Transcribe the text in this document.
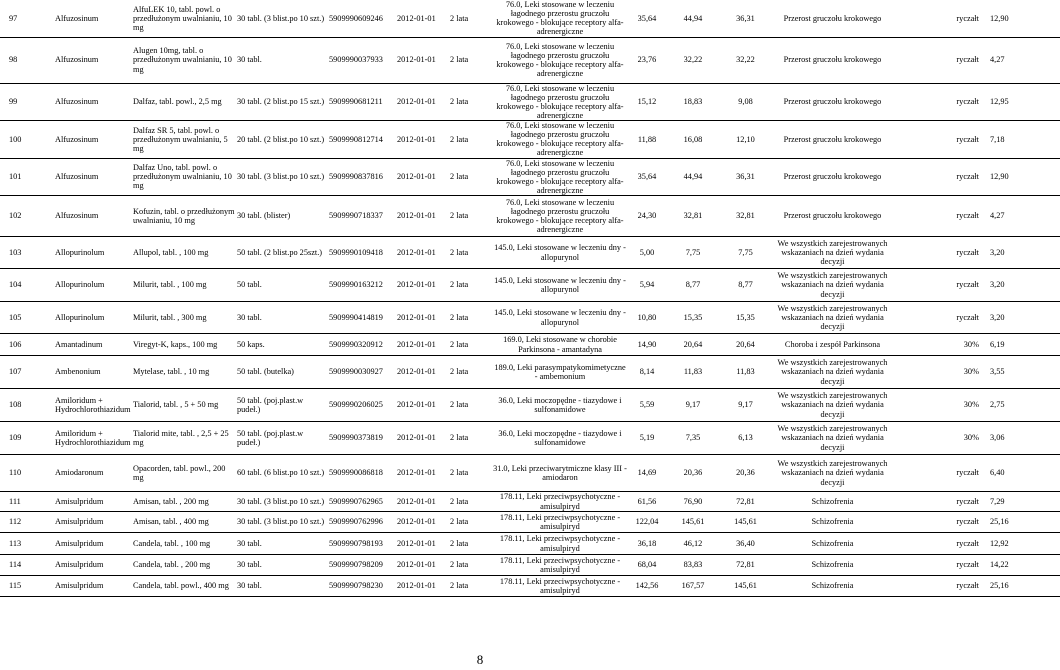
97	Alfuzosinum	AlfuLEK 10, tabl. powl. o przedłużonym uwalnianiu, 10 mg	30 tabl. (3 blist.po 10 szt.)	5909990609246	2012-01-01	2 lata	76.0, Leki stosowane w leczeniu łagodnego przerostu gruczołu krokowego - blokujące receptory alfa-adrenergiczne	35,64	44,94	36,31	Przerost gruczołu krokowego	ryczałt	12,90
98	Alfuzosinum	Alugen 10mg, tabl. o przedłużonym uwalnianiu, 10 mg	30 tabl.	5909990037933	2012-01-01	2 lata	76.0, Leki stosowane w leczeniu łagodnego przerostu gruczołu krokowego - blokujące receptory alfa-adrenergiczne	23,76	32,22	32,22	Przerost gruczołu krokowego	ryczałt	4,27
99	Alfuzosinum	Dalfaz, tabl. powl., 2,5 mg	30 tabl. (2 blist.po 15 szt.)	5909990681211	2012-01-01	2 lata	76.0, Leki stosowane w leczeniu łagodnego przerostu gruczołu krokowego - blokujące receptory alfa-adrenergiczne	15,12	18,83	9,08	Przerost gruczołu krokowego	ryczałt	12,95
100	Alfuzosinum	Dalfaz SR 5, tabl. powl. o przedłużonym uwalnianiu, 5 mg	20 tabl. (2 blist.po 10 szt.)	5909990812714	2012-01-01	2 lata	76.0, Leki stosowane w leczeniu łagodnego przerostu gruczołu krokowego - blokujące receptory alfa-adrenergiczne	11,88	16,08	12,10	Przerost gruczołu krokowego	ryczałt	7,18
101	Alfuzosinum	Dalfaz Uno, tabl. powl. o przedłużonym uwalnianiu, 10 mg	30 tabl. (3 blist.po 10 szt.)	5909990837816	2012-01-01	2 lata	76.0, Leki stosowane w leczeniu łagodnego przerostu gruczołu krokowego - blokujące receptory alfa-adrenergiczne	35,64	44,94	36,31	Przerost gruczołu krokowego	ryczałt	12,90
102	Alfuzosinum	Kofuzin, tabl. o przedłużonym uwalnianiu, 10 mg	30 tabl. (blister)	5909990718337	2012-01-01	2 lata	76.0, Leki stosowane w leczeniu łagodnego przerostu gruczołu krokowego - blokujące receptory alfa-adrenergiczne	24,30	32,81	32,81	Przerost gruczołu krokowego	ryczałt	4,27
103	Allopurinolum	Allupol, tabl. , 100 mg	50 tabl. (2 blist.po 25szt.)	5909990109418	2012-01-01	2 lata	145.0, Leki stosowane w leczeniu dny - allopurynol	5,00	7,75	7,75	We wszystkich zarejestrowanych wskazaniach na dzień wydania decyzji	ryczałt	3,20
104	Allopurinolum	Milurit, tabl. , 100 mg	50 tabl.	5909990163212	2012-01-01	2 lata	145.0, Leki stosowane w leczeniu dny - allopurynol	5,94	8,77	8,77	We wszystkich zarejestrowanych wskazaniach na dzień wydania decyzji	ryczałt	3,20
105	Allopurinolum	Milurit, tabl. , 300 mg	30 tabl.	5909990414819	2012-01-01	2 lata	145.0, Leki stosowane w leczeniu dny - allopurynol	10,80	15,35	15,35	We wszystkich zarejestrowanych wskazaniach na dzień wydania decyzji	ryczałt	3,20
106	Amantadinum	Viregyt-K, kaps., 100 mg	50 kaps.	5909990320912	2012-01-01	2 lata	169.0, Leki stosowane w chorobie Parkinsona - amantadyna	14,90	20,64	20,64	Choroba i zespół Parkinsona	30%	6,19
107	Ambenonium	Mytelase, tabl. , 10 mg	50 tabl. (butelka)	5909990030927	2012-01-01	2 lata	189.0, Leki parasympatykomimetyczne - ambemonium	8,14	11,83	11,83	We wszystkich zarejestrowanych wskazaniach na dzień wydania decyzji	30%	3,55
108	Amiloridum + Hydrochlorothiazidum	Tialorid, tabl. , 5 + 50 mg	50 tabl. (poj.plast.w pudeł.)	5909990206025	2012-01-01	2 lata	36.0, Leki moczopędne - tiazydowe i sulfonamidowe	5,59	9,17	9,17	We wszystkich zarejestrowanych wskazaniach na dzień wydania decyzji	30%	2,75
109	Amiloridum + Hydrochlorothiazidum	Tialorid mite, tabl. , 2,5 + 25 mg	50 tabl. (poj.plast.w pudeł.)	5909990373819	2012-01-01	2 lata	36.0, Leki moczopędne - tiazydowe i sulfonamidowe	5,19	7,35	6,13	We wszystkich zarejestrowanych wskazaniach na dzień wydania decyzji	30%	3,06
110	Amiodaronum	Opacorden, tabl. powl., 200 mg	60 tabl. (6 blist.po 10 szt.)	5909990086818	2012-01-01	2 lata	31.0, Leki przeciwarytmiczne klasy III - amiodaron	14,69	20,36	20,36	We wszystkich zarejestrowanych wskazaniach na dzień wydania decyzji	ryczałt	6,40
111	Amisulpridum	Amisan, tabl. , 200 mg	30 tabl. (3 blist.po 10 szt.)	5909990762965	2012-01-01	2 lata	178.11, Leki przeciwpsychotyczne - amisulpiryd	61,56	76,90	72,81	Schizofrenia	ryczałt	7,29
112	Amisulpridum	Amisan, tabl. , 400 mg	30 tabl. (3 blist.po 10 szt.)	5909990762996	2012-01-01	2 lata	178.11, Leki przeciwpsychotyczne - amisulpiryd	122,04	145,61	145,61	Schizofrenia	ryczałt	25,16
113	Amisulpridum	Candela, tabl. , 100 mg	30 tabl.	5909990798193	2012-01-01	2 lata	178.11, Leki przeciwpsychotyczne - amisulpiryd	36,18	46,12	36,40	Schizofrenia	ryczałt	12,92
114	Amisulpridum	Candela, tabl. , 200 mg	30 tabl.	5909990798209	2012-01-01	2 lata	178.11, Leki przeciwpsychotyczne - amisulpiryd	68,04	83,83	72,81	Schizofrenia	ryczałt	14,22
115	Amisulpridum	Candela, tabl. powl., 400 mg	30 tabl.	5909990798230	2012-01-01	2 lata	178.11, Leki przeciwpsychotyczne - amisulpiryd	142,56	167,57	145,61	Schizofrenia	ryczałt	25,16
8
